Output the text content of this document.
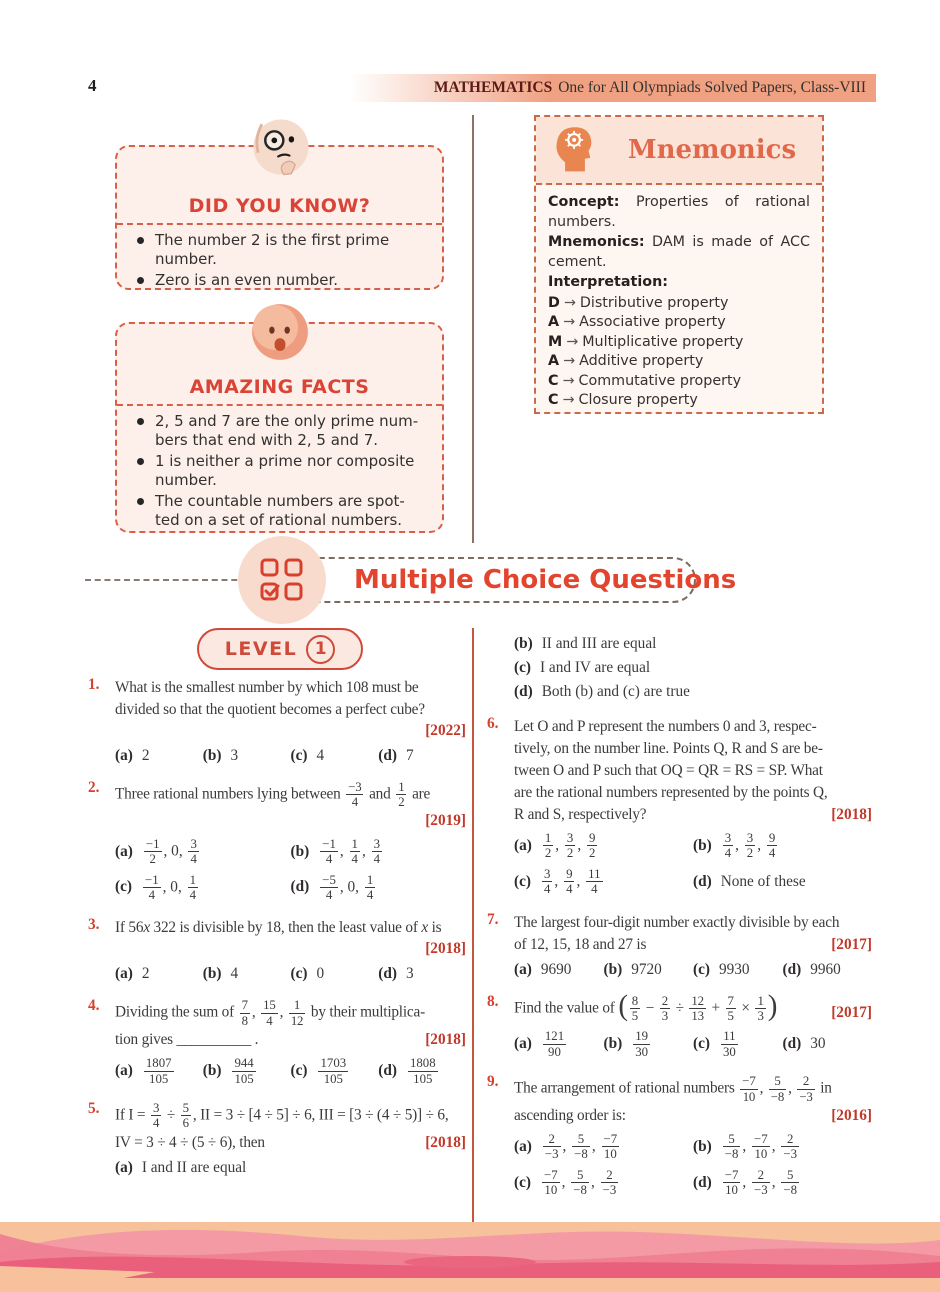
4	MATHEMATICS One for All Olympiads Solved Papers, Class-VIII
DID YOU KNOW?
The number 2 is the first prime
number.
Zero is an even number.
AMAZING FACTS
2, 5 and 7 are the only prime num-
bers that end with 2, 5 and 7.
1 is neither a prime nor composite
number.
The countable numbers are spot-
ted on a set of rational numbers.
Mnemonics
Concept: Properties of rational numbers.
Mnemonics: DAM is made of ACC cement.
Interpretation:
D → Distributive property
A → Associative property
M → Multiplicative property
A → Additive property
C → Commutative property
C → Closure property
Multiple Choice Questions
LEVEL	1
1.	What is the smallest number by which 108 must be
divided so that the quotient becomes a perfect cube?
[2022]
(a) 2	(b) 3	(c) 4	(d) 7
2.	Three rational numbers lying between $\frac{-3}{4}$ and $\frac{1}{2}$ are
[2019]
$(a) \frac{-1}{2}$ , 0, $\frac{3}{4}$	$(b) \frac{-1}{4}$ , $\frac{1}{4}$ , $\frac{3}{4}$
$(c) \frac{-1}{4}$ , 0, $\frac{1}{4}$	$(d) \frac{-5}{4}$ , 0, $\frac{1}{4}$
3.	If 56x 322 is divisible by 18, then the least value of x is
[2018]
(a) 2	(b) 4	(c) 0	(d) 3
4.	Dividing the sum of $\frac{7}{8}$ , $\frac{15}{4}$ , $\frac{1}{12}$ by their multiplica-
tion gives __________ .	[2018]
$(a) \frac{1807}{105} (b) \frac{944}{105} (c) \frac{1703}{105} (d) \frac{1808}{105}$
5.	If $I = \frac{3}{4} \div \frac{5}{6}$ , II = 3 ÷ [4 ÷ 5] ÷ 6, III = [3 ÷ (4 ÷ 5)] ÷ 6,
IV = 3 ÷ 4 ÷ (5 ÷ 6), then	[2018]
(a) I and II are equal
(b) II and III are equal
(c) I and IV are equal
(d) Both (b) and (c) are true
6.	Let O and P represent the numbers 0 and 3, respec-
tively, on the number line. Points Q, R and S are be-
tween O and P such that OQ = QR = RS = SP. What
are the rational numbers represented by the points Q,
R and S, respectively?	[2018]
$(a) \frac{1}{2}$ , $\frac{3}{2}$ , $\frac{9}{2}$	$(b) \frac{3}{4}$ , $\frac{3}{2}$ , $\frac{9}{4}$
$(c) \frac{3}{4}$ , $\frac{9}{4}$ , $\frac{11}{4}$	(d) None of these
7.	The largest four-digit number exactly divisible by each
of 12, 15, 18 and 27 is	[2017]
(a) 9690 (b) 9720 (c) 9930 (d) 9960
8.	Find the value of ( $\frac{8}{5} - \frac{2}{3} \div \frac{12}{13} + \frac{7}{5} \times \frac{1}{3}$ )	[2017]
$(a) \frac{121}{90} (b) \frac{19}{30}$	$(c) \frac{11}{30}$	(d) 30
9.	The arrangement of rational numbers $\frac{-7}{10}$ , $\frac{5}{-8}$ , $\frac{2}{-3}$ in
ascending order is:	[2016]
$(a) \frac{2}{-3}$ , $\frac{5}{-8}$ , $\frac{-7}{10}$	$(b) \frac{5}{-8}$ , $\frac{-7}{10}$ , $\frac{2}{-3}$
$(c) \frac{-7}{10}$ , $\frac{5}{-8}$ , $\frac{2}{-3}$	$(d) \frac{-7}{10}$ , $\frac{2}{-3}$ , $\frac{5}{-8}$
